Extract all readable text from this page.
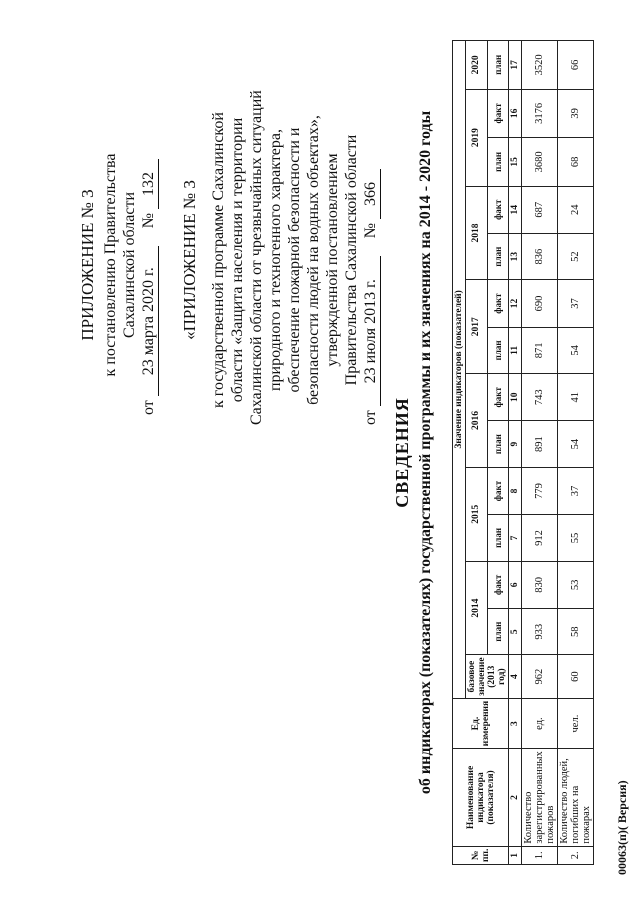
ПРИЛОЖЕНИЕ № 3 к постановлению Правительства Сахалинской области
от 23 марта 2020 г. № 132 «ПРИЛОЖЕНИЕ № 3 к государственной программе Сахалинской области «Защита населения и территории Сахалинской области от чрезвычайных ситуаций природного и техногенного характера, обеспечение пожарной безопасности и безопасности людей на водных объектах», утвержденной постановлением Правительства Сахалинской области
от 23 июля 2013 г. № 366
СВЕДЕНИЯ об индикаторах (показателях) государственной программы и их значениях на 2014 - 2020 годы
№ пп.	Наименование индикатора (показателя)	Ед. измерения	Значение индикаторов (показателей)													
			базовое значение (2013 год)	2014		2015		2016		2017		2018		2019		2020
				план	факт	план	факт	план	факт	план	факт	план	факт	план	факт	план
1	2	3	4	5	6	7	8	9	10	11	12	13	14	15	16	17
1.	Количество зарегистрированных пожаров	ед.	962	933	830	912	779	891	743	871	690	836	687	3680	3176	3520
2.	Количество людей, погибших на пожарах	чел.	60	58	53	55	37	54	41	54	37	52	24	68	39	66
00063(п)( Версия)
